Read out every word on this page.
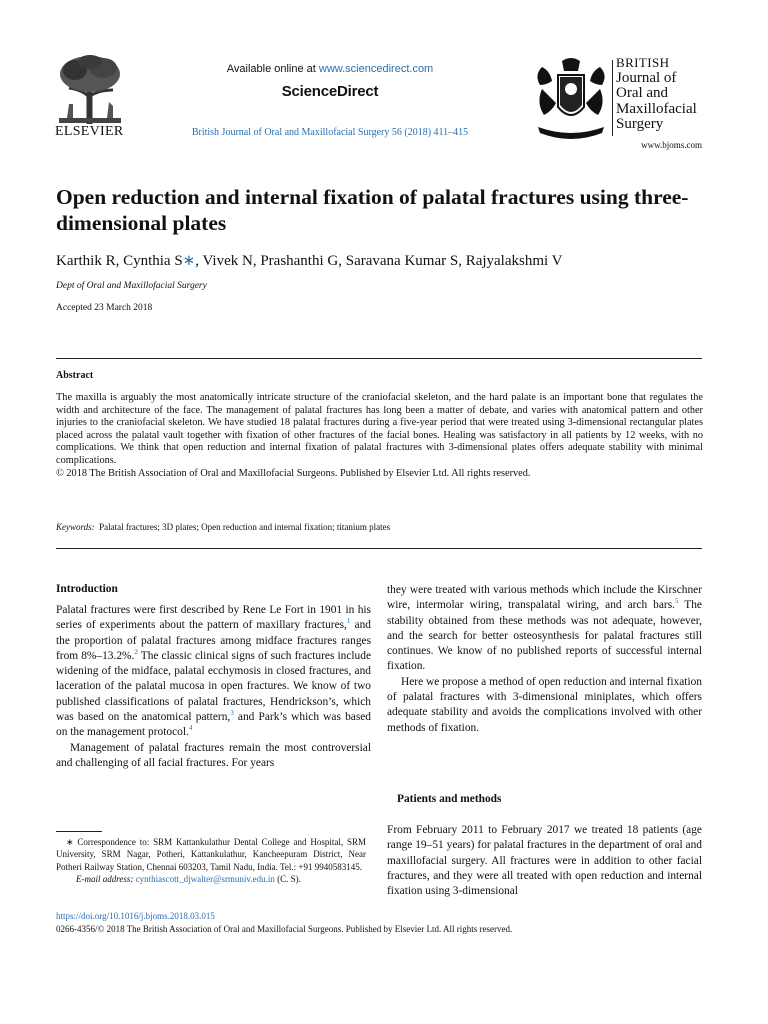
Available online at www.sciencedirect.com
ScienceDirect
British Journal of Oral and Maxillofacial Surgery 56 (2018) 411–415
ELSEVIER
BRITISH
Journal of
Oral and
Maxillofacial
Surgery
www.bjoms.com
Open reduction and internal fixation of palatal fractures using three-dimensional plates
Karthik R, Cynthia S∗, Vivek N, Prashanthi G, Saravana Kumar S, Rajyalakshmi V
Dept of Oral and Maxillofacial Surgery
Accepted 23 March 2018
Abstract
The maxilla is arguably the most anatomically intricate structure of the craniofacial skeleton, and the hard palate is an important bone that regulates the width and architecture of the face. The management of palatal fractures has long been a matter of debate, and varies with anatomical pattern and other injuries to the craniofacial skeleton. We have studied 18 palatal fractures during a five-year period that were treated using 3-dimensional rectangular plates placed across the palatal vault together with fixation of other fractures of the facial bones. Healing was satisfactory in all patients by 12 weeks, with no complications. We think that open reduction and internal fixation of palatal fractures with 3-dimensional plates offers adequate stability with minimal complications.
© 2018 The British Association of Oral and Maxillofacial Surgeons. Published by Elsevier Ltd. All rights reserved.
Keywords: Palatal fractures; 3D plates; Open reduction and internal fixation; titanium plates
Introduction

Palatal fractures were first described by Rene Le Fort in 1901 in his series of experiments about the pattern of maxillary fractures,$^1$ and the proportion of palatal fractures among midface fractures ranges from 8%–13.2%.$^2$ The classic clinical signs of such fractures include widening of the midface, palatal ecchymosis in closed fractures, and laceration of the palatal mucosa in open fractures. We know of two published classifications of palatal fractures, Hendrickson’s, which was based on the anatomical pattern,$^3$ and Park’s which was based on the management protocol.$^4$

Management of palatal fractures remain the most controversial and challenging of all facial fractures. For years

they were treated with various methods which include the Kirschner wire, intermolar wiring, transpalatal wiring, and arch bars.$^5$ The stability obtained from these methods was not adequate, however, and the search for better osteosynthesis for palatal fractures still continues. We know of no published reports of successful internal fixation.

Here we propose a method of open reduction and internal fixation of palatal fractures with 3-dimensional miniplates, which offers adequate stability and avoids the complications involved with other methods of fixation.

Patients and methods

From February 2011 to February 2017 we treated 18 patients (age range 19–51 years) for palatal fractures in the department of oral and maxillofacial surgery. All fractures were in addition to other facial fractures, and they were all treated with open reduction and internal fixation using 3-dimensional

∗ Correspondence to: SRM Kattankulathur Dental College and Hospital, SRM University, SRM Nagar, Potheri, Kattankulathur, Kancheepuram District, Near Potheri Railway Station, Chennai 603203, Tamil Nadu, India. Tel.: +91 9940583145.
E-mail address: cynthiascott_djwalter@srmuniv.edu.in (C. S).
https://doi.org/10.1016/j.bjoms.2018.03.015
0266-4356/© 2018 The British Association of Oral and Maxillofacial Surgeons. Published by Elsevier Ltd. All rights reserved.
